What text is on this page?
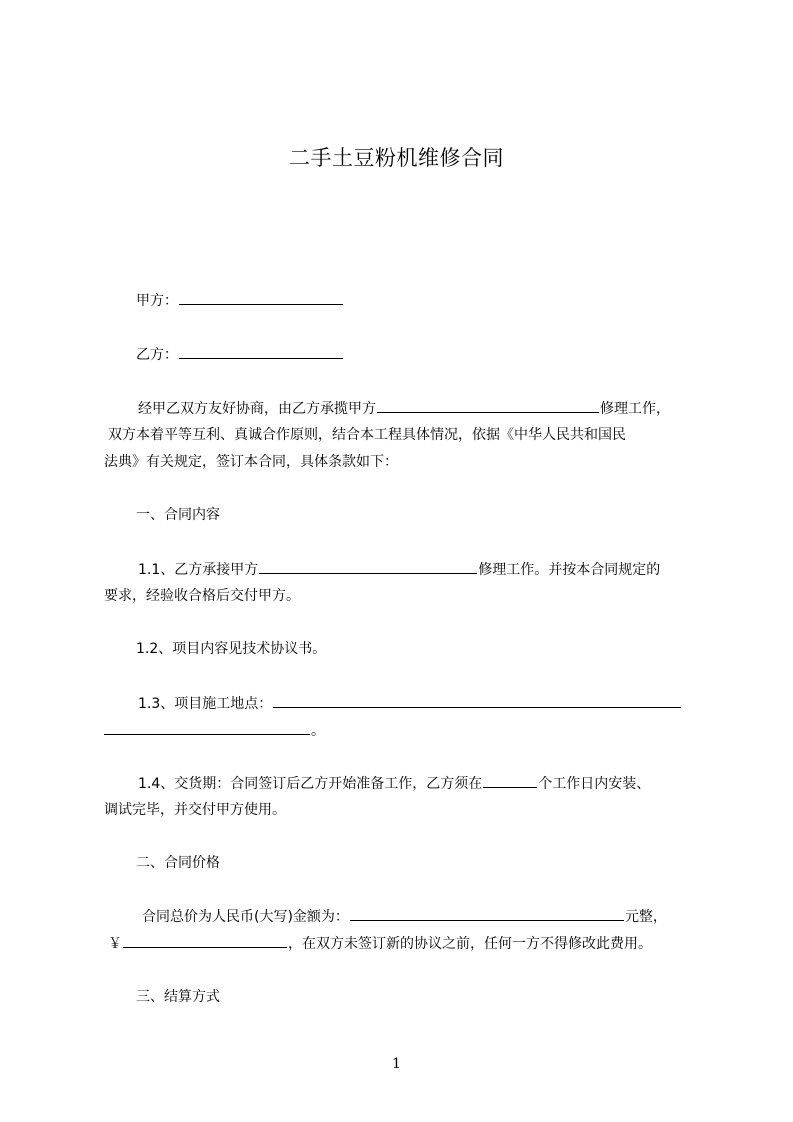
二手土豆粉机维修合同
甲方：
乙方：
经甲乙双方友好协商，由乙方承揽甲方	修理工作，
双方本着平等互利、真诚合作原则，结合本工程具体情况，依据《中华人民共和国民
法典》有关规定，签订本合同，具体条款如下：
一、合同内容
1.1、乙方承接甲方	修理工作。并按本合同规定的
要求，经验收合格后交付甲方。
1.2、项目内容见技术协议书。
1.3、项目施工地点：
。
1.4、交货期：合同签订后乙方开始准备工作，乙方须在	个工作日内安装、
调试完毕，并交付甲方使用。
二、合同价格
合同总价为人民币(大写)金额为：	元整，
￥	，在双方未签订新的协议之前，任何一方不得修改此费用。
三、结算方式
1
